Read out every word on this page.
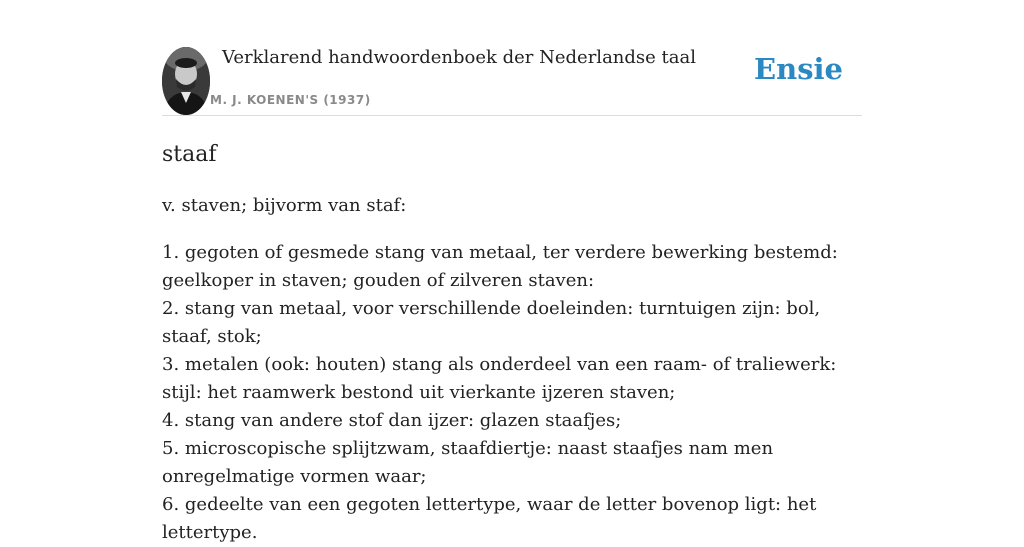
Verklarend handwoordenboek der Nederlandse taal
M. J. KOENEN'S (1937)
Ensie
staaf

v. staven; bijvorm van staf:

1. gegoten of gesmede stang van metaal, ter verdere bewerking bestemd: geelkoper in staven; gouden of zilveren staven:
2. stang van metaal, voor verschillende doeleinden: turntuigen zijn: bol, staaf, stok;
3. metalen (ook: houten) stang als onderdeel van een raam- of traliewerk: stijl: het raamwerk bestond uit vierkante ijzeren staven;
4. stang van andere stof dan ijzer: glazen staafjes;
5. microscopische splijtzwam, staafdiertje: naast staafjes nam men onregelmatige vormen waar;
6. gedeelte van een gegoten lettertype, waar de letter bovenop ligt: het lettertype.
